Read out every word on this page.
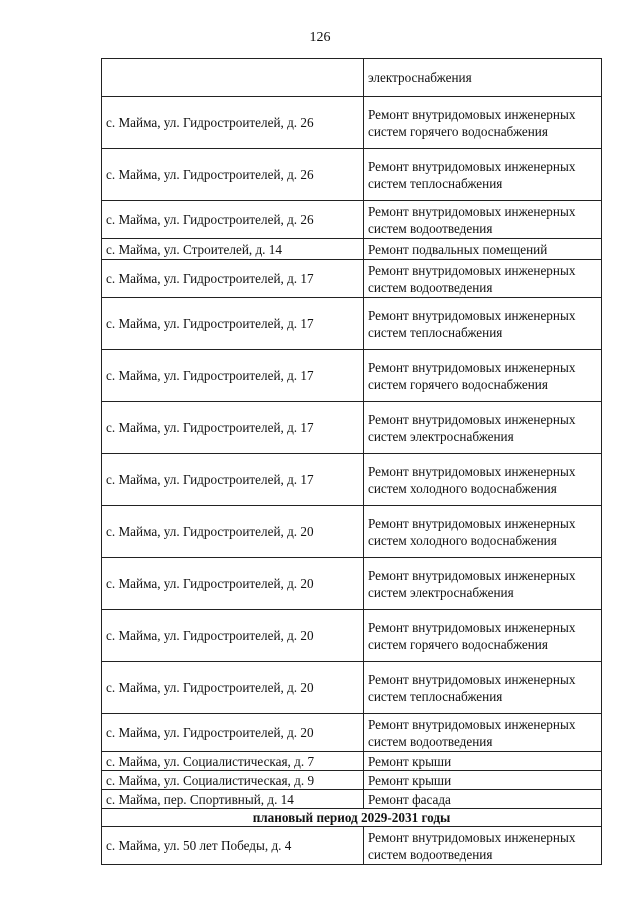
126
	электроснабжения
с. Майма, ул. Гидростроителей, д. 26	Ремонт внутридомовых инженерных систем горячего водоснабжения
с. Майма, ул. Гидростроителей, д. 26	Ремонт внутридомовых инженерных систем теплоснабжения
с. Майма, ул. Гидростроителей, д. 26	Ремонт внутридомовых инженерных систем водоотведения
с. Майма, ул. Строителей, д. 14	Ремонт подвальных помещений
с. Майма, ул. Гидростроителей, д. 17	Ремонт внутридомовых инженерных систем водоотведения
с. Майма, ул. Гидростроителей, д. 17	Ремонт внутридомовых инженерных систем теплоснабжения
с. Майма, ул. Гидростроителей, д. 17	Ремонт внутридомовых инженерных систем горячего водоснабжения
с. Майма, ул. Гидростроителей, д. 17	Ремонт внутридомовых инженерных систем электроснабжения
с. Майма, ул. Гидростроителей, д. 17	Ремонт внутридомовых инженерных систем холодного водоснабжения
с. Майма, ул. Гидростроителей, д. 20	Ремонт внутридомовых инженерных систем холодного водоснабжения
с. Майма, ул. Гидростроителей, д. 20	Ремонт внутридомовых инженерных систем электроснабжения
с. Майма, ул. Гидростроителей, д. 20	Ремонт внутридомовых инженерных систем горячего водоснабжения
с. Майма, ул. Гидростроителей, д. 20	Ремонт внутридомовых инженерных систем теплоснабжения
с. Майма, ул. Гидростроителей, д. 20	Ремонт внутридомовых инженерных систем водоотведения
с. Майма, ул. Социалистическая, д. 7	Ремонт крыши
с. Майма, ул. Социалистическая, д. 9	Ремонт крыши
с. Майма, пер. Спортивный, д. 14	Ремонт фасада
плановый период 2029-2031 годы	
с. Майма, ул. 50 лет Победы, д. 4	Ремонт внутридомовых инженерных систем водоотведения
